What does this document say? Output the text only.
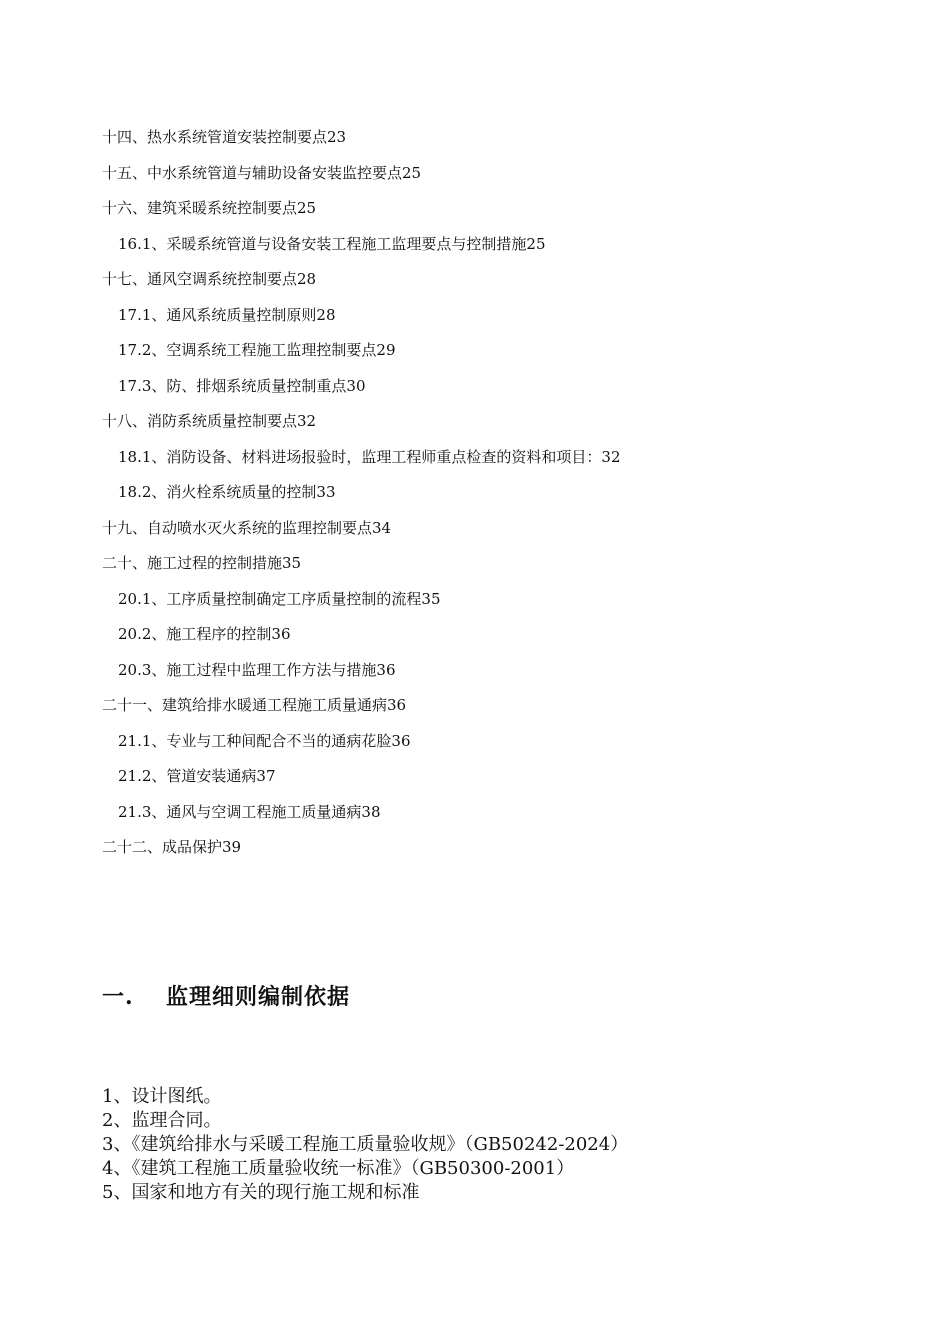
十四、热水系统管道安装控制要点23
十五、中水系统管道与辅助设备安装监控要点25
十六、建筑采暖系统控制要点25
16.1、采暖系统管道与设备安装工程施工监理要点与控制措施25
十七、通风空调系统控制要点28
17.1、通风系统质量控制原则28
17.2、空调系统工程施工监理控制要点29
17.3、防、排烟系统质量控制重点30
十八、消防系统质量控制要点32
18.1、消防设备、材料进场报验时，监理工程师重点检查的资料和项目：32
18.2、消火栓系统质量的控制33
十九、自动喷水灭火系统的监理控制要点34
二十、施工过程的控制措施35
20.1、工序质量控制确定工序质量控制的流程35
20.2、施工程序的控制36
20.3、施工过程中监理工作方法与措施36
二十一、建筑给排水暖通工程施工质量通病36
21.1、专业与工种间配合不当的通病花脸36
21.2、管道安装通病37
21.3、通风与空调工程施工质量通病38
二十二、成品保护39
一. 监理细则编制依据
1、设计图纸。
2、监理合同。
3、《建筑给排水与采暖工程施工质量验收规》（GB50242-2024）
4、《建筑工程施工质量验收统一标准》（GB50300-2001）
5、国家和地方有关的现行施工规和标准
